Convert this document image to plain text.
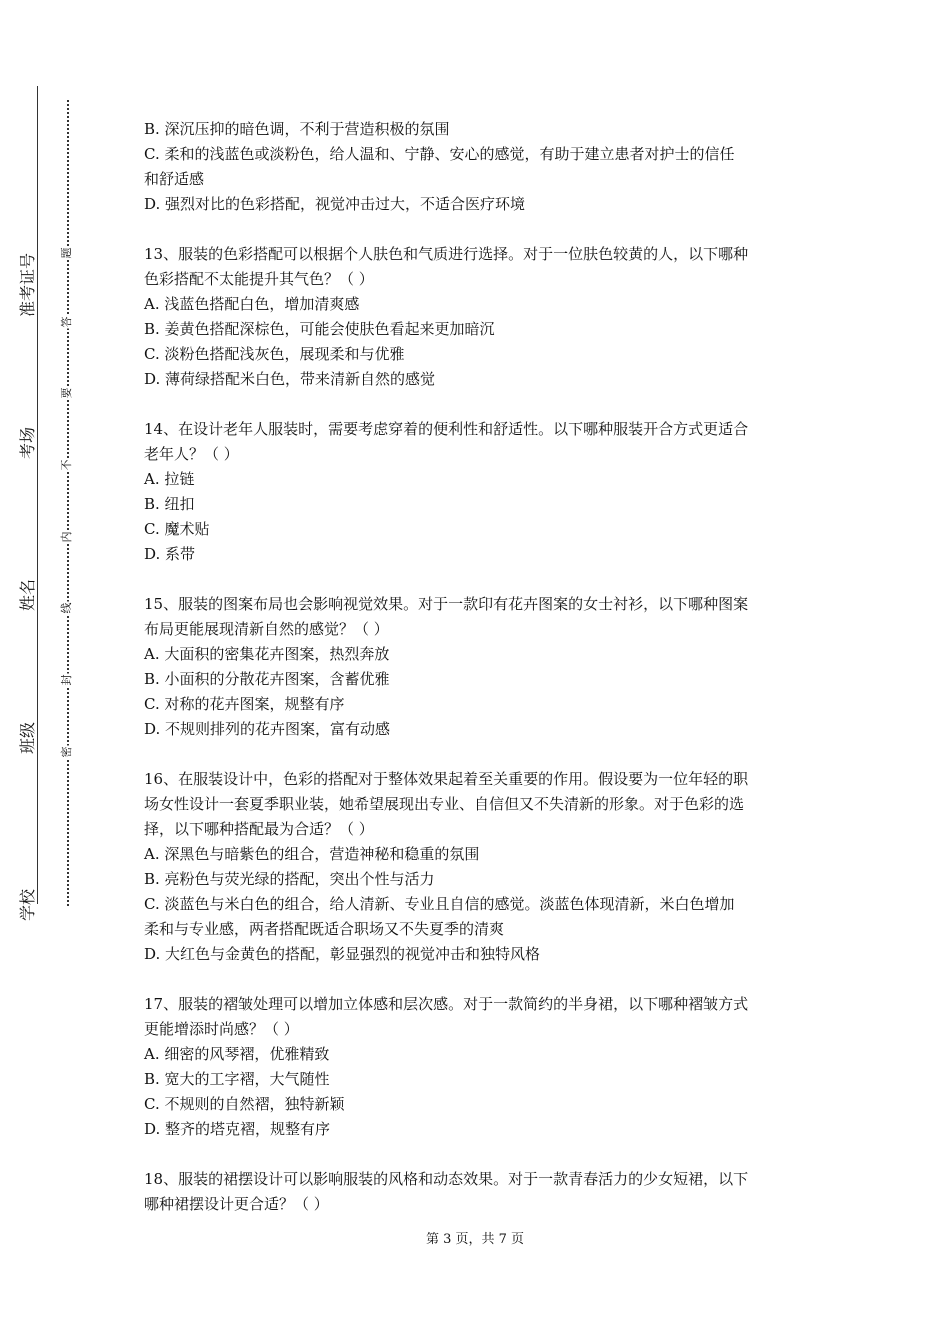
准考证号
考场
姓名
班级
学校
题
答
要
不
内
线
封
密
B. 深沉压抑的暗色调，不利于营造积极的氛围
C. 柔和的浅蓝色或淡粉色，给人温和、宁静、安心的感觉，有助于建立患者对护士的信任
和舒适感
D. 强烈对比的色彩搭配，视觉冲击过大，不适合医疗环境
13、服装的色彩搭配可以根据个人肤色和气质进行选择。对于一位肤色较黄的人，以下哪种
色彩搭配不太能提升其气色？（ ）
A. 浅蓝色搭配白色，增加清爽感
B. 姜黄色搭配深棕色，可能会使肤色看起来更加暗沉
C. 淡粉色搭配浅灰色，展现柔和与优雅
D. 薄荷绿搭配米白色，带来清新自然的感觉
14、在设计老年人服装时，需要考虑穿着的便利性和舒适性。以下哪种服装开合方式更适合
老年人？（ ）
A. 拉链
B. 纽扣
C. 魔术贴
D. 系带
15、服装的图案布局也会影响视觉效果。对于一款印有花卉图案的女士衬衫，以下哪种图案
布局更能展现清新自然的感觉？（ ）
A. 大面积的密集花卉图案，热烈奔放
B. 小面积的分散花卉图案，含蓄优雅
C. 对称的花卉图案，规整有序
D. 不规则排列的花卉图案，富有动感
16、在服装设计中，色彩的搭配对于整体效果起着至关重要的作用。假设要为一位年轻的职
场女性设计一套夏季职业装，她希望展现出专业、自信但又不失清新的形象。对于色彩的选
择，以下哪种搭配最为合适？（ ）
A. 深黑色与暗紫色的组合，营造神秘和稳重的氛围
B. 亮粉色与荧光绿的搭配，突出个性与活力
C. 淡蓝色与米白色的组合，给人清新、专业且自信的感觉。淡蓝色体现清新，米白色增加
柔和与专业感，两者搭配既适合职场又不失夏季的清爽
D. 大红色与金黄色的搭配，彰显强烈的视觉冲击和独特风格
17、服装的褶皱处理可以增加立体感和层次感。对于一款简约的半身裙，以下哪种褶皱方式
更能增添时尚感？（ ）
A. 细密的风琴褶，优雅精致
B. 宽大的工字褶，大气随性
C. 不规则的自然褶，独特新颖
D. 整齐的塔克褶，规整有序
18、服装的裙摆设计可以影响服装的风格和动态效果。对于一款青春活力的少女短裙，以下
哪种裙摆设计更合适？（ ）
第 3 页，共 7 页
